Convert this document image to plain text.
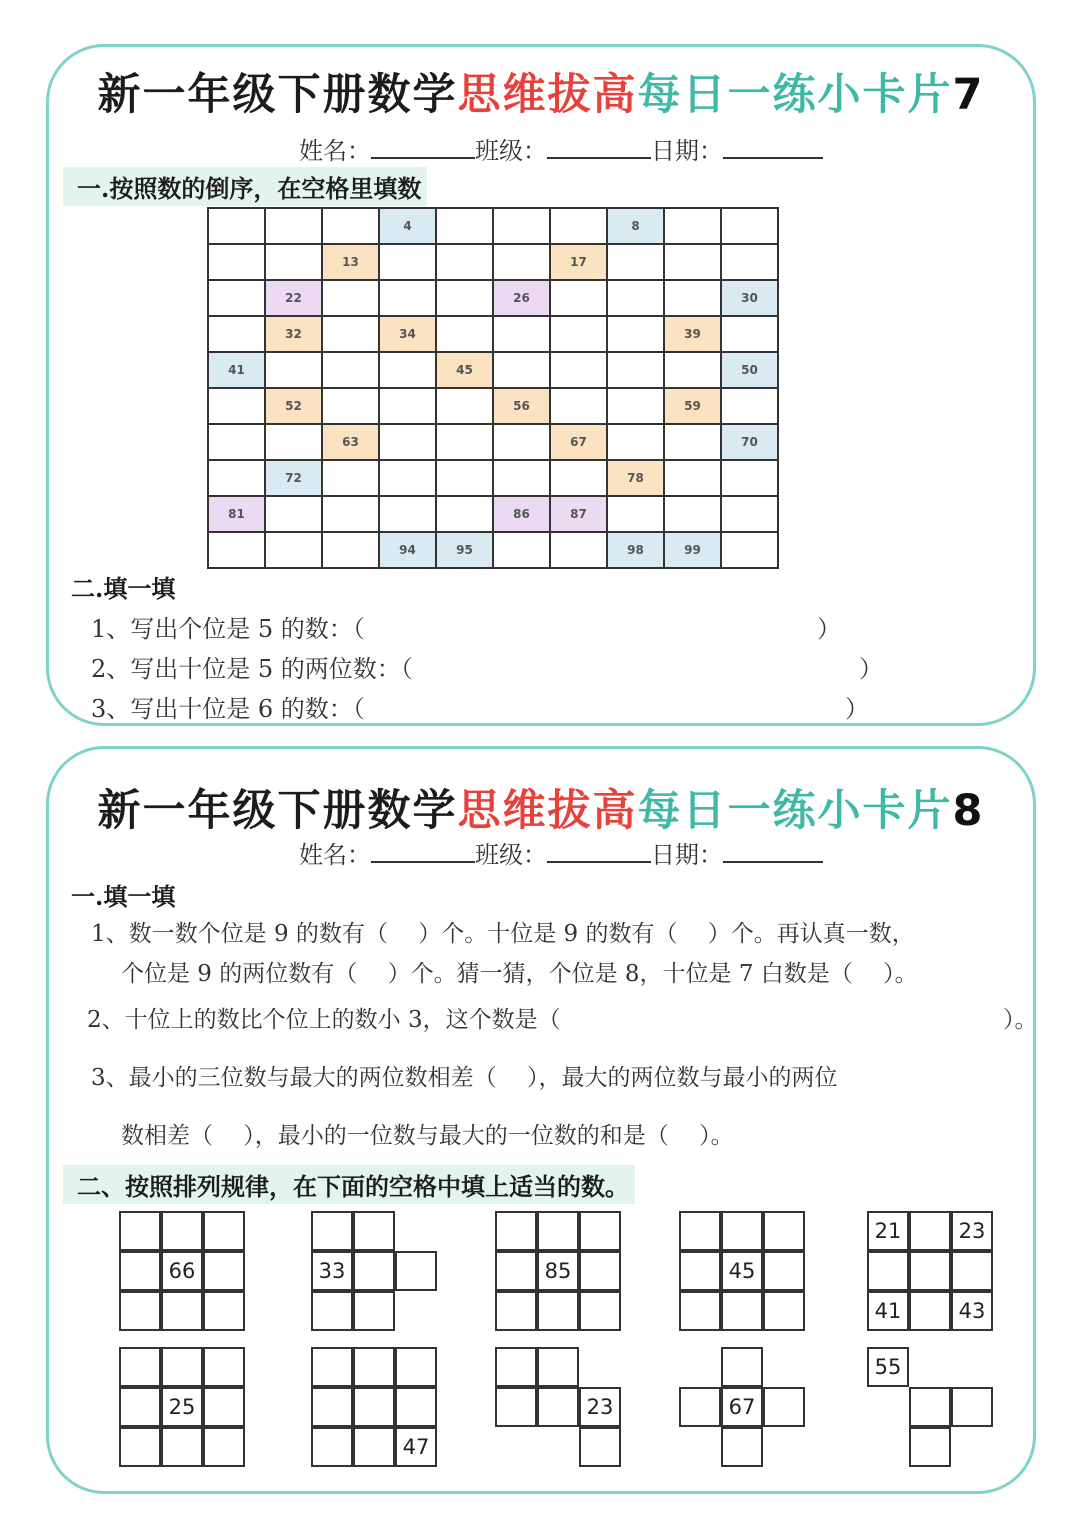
新一年级下册数学思维拔高每日一练小卡片7
姓名：	班级：	日期：
一.按照数的倒序，在空格里填数
			4				8		
		13				17			
	22				26				30
	32		34					39	
41				45					50
	52				56			59	
		63				67			70
	72						78		
81					86	87			
			94	95			98	99	
二.填一填
1、写出个位是 5 的数：（	）
2、写出十位是 5 的两位数：（	）
3、写出十位是 6 的数：（	）
新一年级下册数学思维拔高每日一练小卡片8
姓名：	班级：	日期：
一.填一填
1、数一数个位是 9 的数有（　 ）个。十位是 9 的数有（　 ）个。再认真一数，
个位是 9 的两位数有（　 ）个。猜一猜，个位是 8，十位是 7 白数是（　 ）。
2、十位上的数比个位上的数小 3，这个数是（	）。
3、最小的三位数与最大的两位数相差（　 ），最大的两位数与最小的两位
数相差（　 ），最小的一位数与最大的一位数的和是（　 ）。
二、按照排列规律，在下面的空格中填上适当的数。
66	33	85	45
21	23
41	43
25
47
23	67
55
